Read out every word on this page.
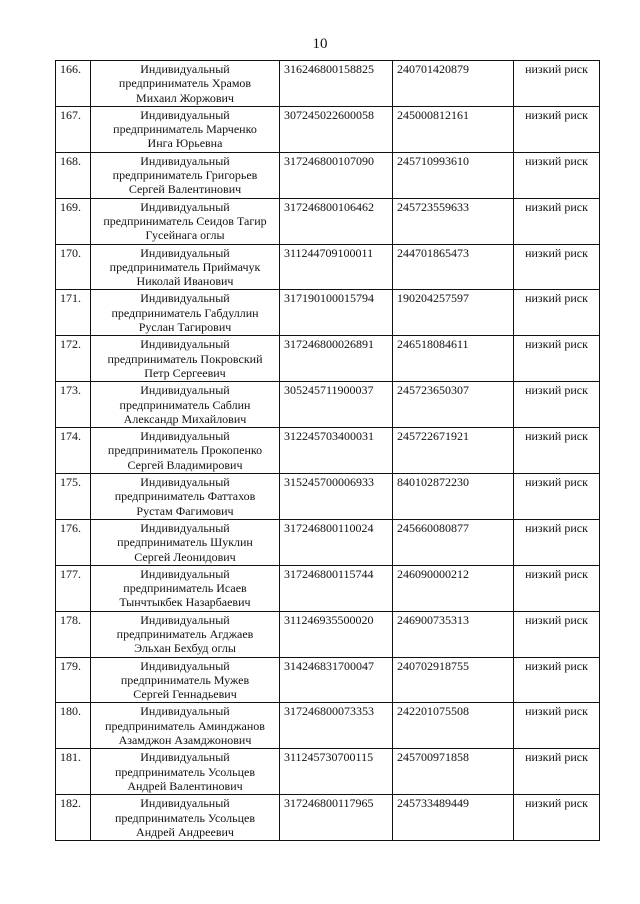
10
166.	Индивидуальный
предприниматель Храмов
Михаил Жоржович	316246800158825	240701420879	низкий риск
167.	Индивидуальный
предприниматель Марченко
Инга Юрьевна	307245022600058	245000812161	низкий риск
168.	Индивидуальный
предприниматель Григорьев
Сергей Валентинович	317246800107090	245710993610	низкий риск
169.	Индивидуальный
предприниматель Сеидов Тагир
Гусейнага оглы	317246800106462	245723559633	низкий риск
170.	Индивидуальный
предприниматель Приймачук
Николай Иванович	311244709100011	244701865473	низкий риск
171.	Индивидуальный
предприниматель Габдуллин
Руслан Тагирович	317190100015794	190204257597	низкий риск
172.	Индивидуальный
предприниматель Покровский
Петр Сергеевич	317246800026891	246518084611	низкий риск
173.	Индивидуальный
предприниматель Саблин
Александр Михайлович	305245711900037	245723650307	низкий риск
174.	Индивидуальный
предприниматель Прокопенко
Сергей Владимирович	312245703400031	245722671921	низкий риск
175.	Индивидуальный
предприниматель Фаттахов
Рустам Фагимович	315245700006933	840102872230	низкий риск
176.	Индивидуальный
предприниматель Шуклин
Сергей Леонидович	317246800110024	245660080877	низкий риск
177.	Индивидуальный
предприниматель Исаев
Тынчтыкбек Назарбаевич	317246800115744	246090000212	низкий риск
178.	Индивидуальный
предприниматель Агджаев
Эльхан Бехбуд оглы	311246935500020	246900735313	низкий риск
179.	Индивидуальный
предприниматель Мужев
Сергей Геннадьевич	314246831700047	240702918755	низкий риск
180.	Индивидуальный
предприниматель Аминджанов
Азамджон Азамджонович	317246800073353	242201075508	низкий риск
181.	Индивидуальный
предприниматель Усольцев
Андрей Валентинович	311245730700115	245700971858	низкий риск
182.	Индивидуальный
предприниматель Усольцев
Андрей Андреевич	317246800117965	245733489449	низкий риск
